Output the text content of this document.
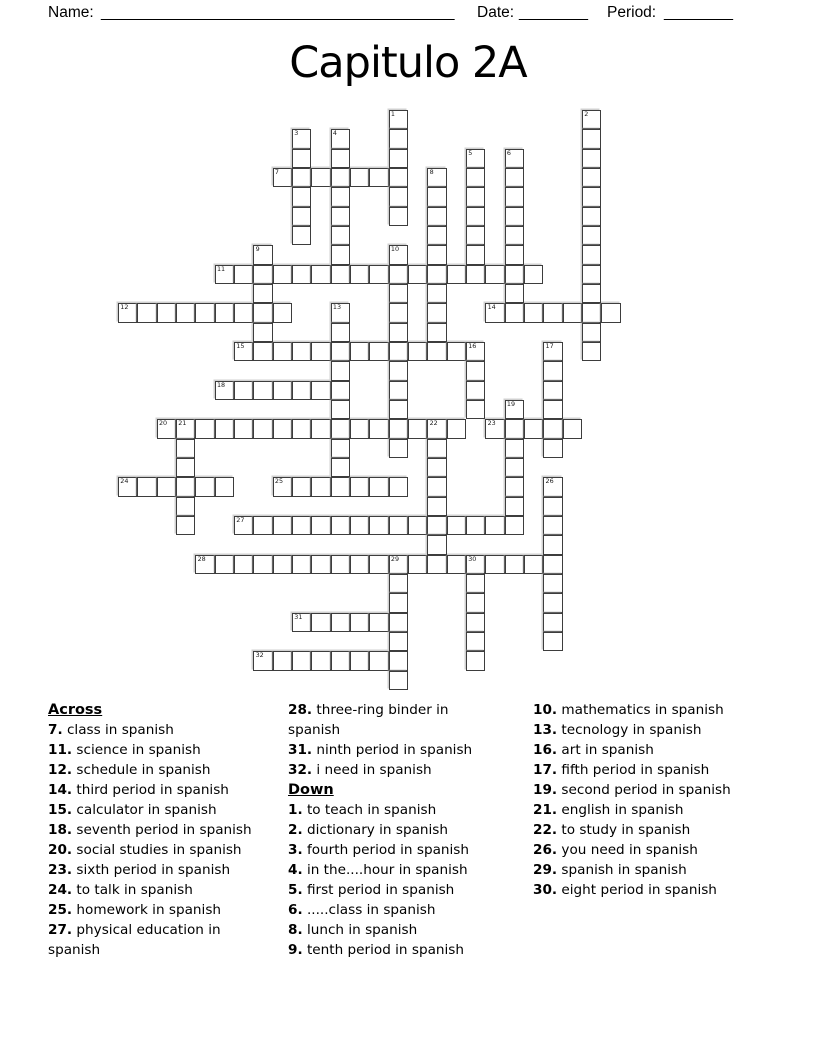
Name: _________________________________________ Date: ________ Period: ________
Capitulo 2A
7
11
12	14
15	16
18
20 21	22	23
24	25
27
28	29	30
31
32
1	2
3	4
5	6
8
9	10
13
17
19
26
Across
7. class in spanish
11. science in spanish
12. schedule in spanish
14. third period in spanish
15. calculator in spanish
18. seventh period in spanish
20. social studies in spanish
23. sixth period in spanish
24. to talk in spanish
25. homework in spanish
27. physical education in spanish
28. three-ring binder in spanish
31. ninth period in spanish
32. i need in spanish
Down
1. to teach in spanish
2. dictionary in spanish
3. fourth period in spanish
4. in the....hour in spanish
5. first period in spanish
6. .....class in spanish
8. lunch in spanish
9. tenth period in spanish
10. mathematics in spanish
13. tecnology in spanish
16. art in spanish
17. fifth period in spanish
19. second period in spanish
21. english in spanish
22. to study in spanish
26. you need in spanish
29. spanish in spanish
30. eight period in spanish
